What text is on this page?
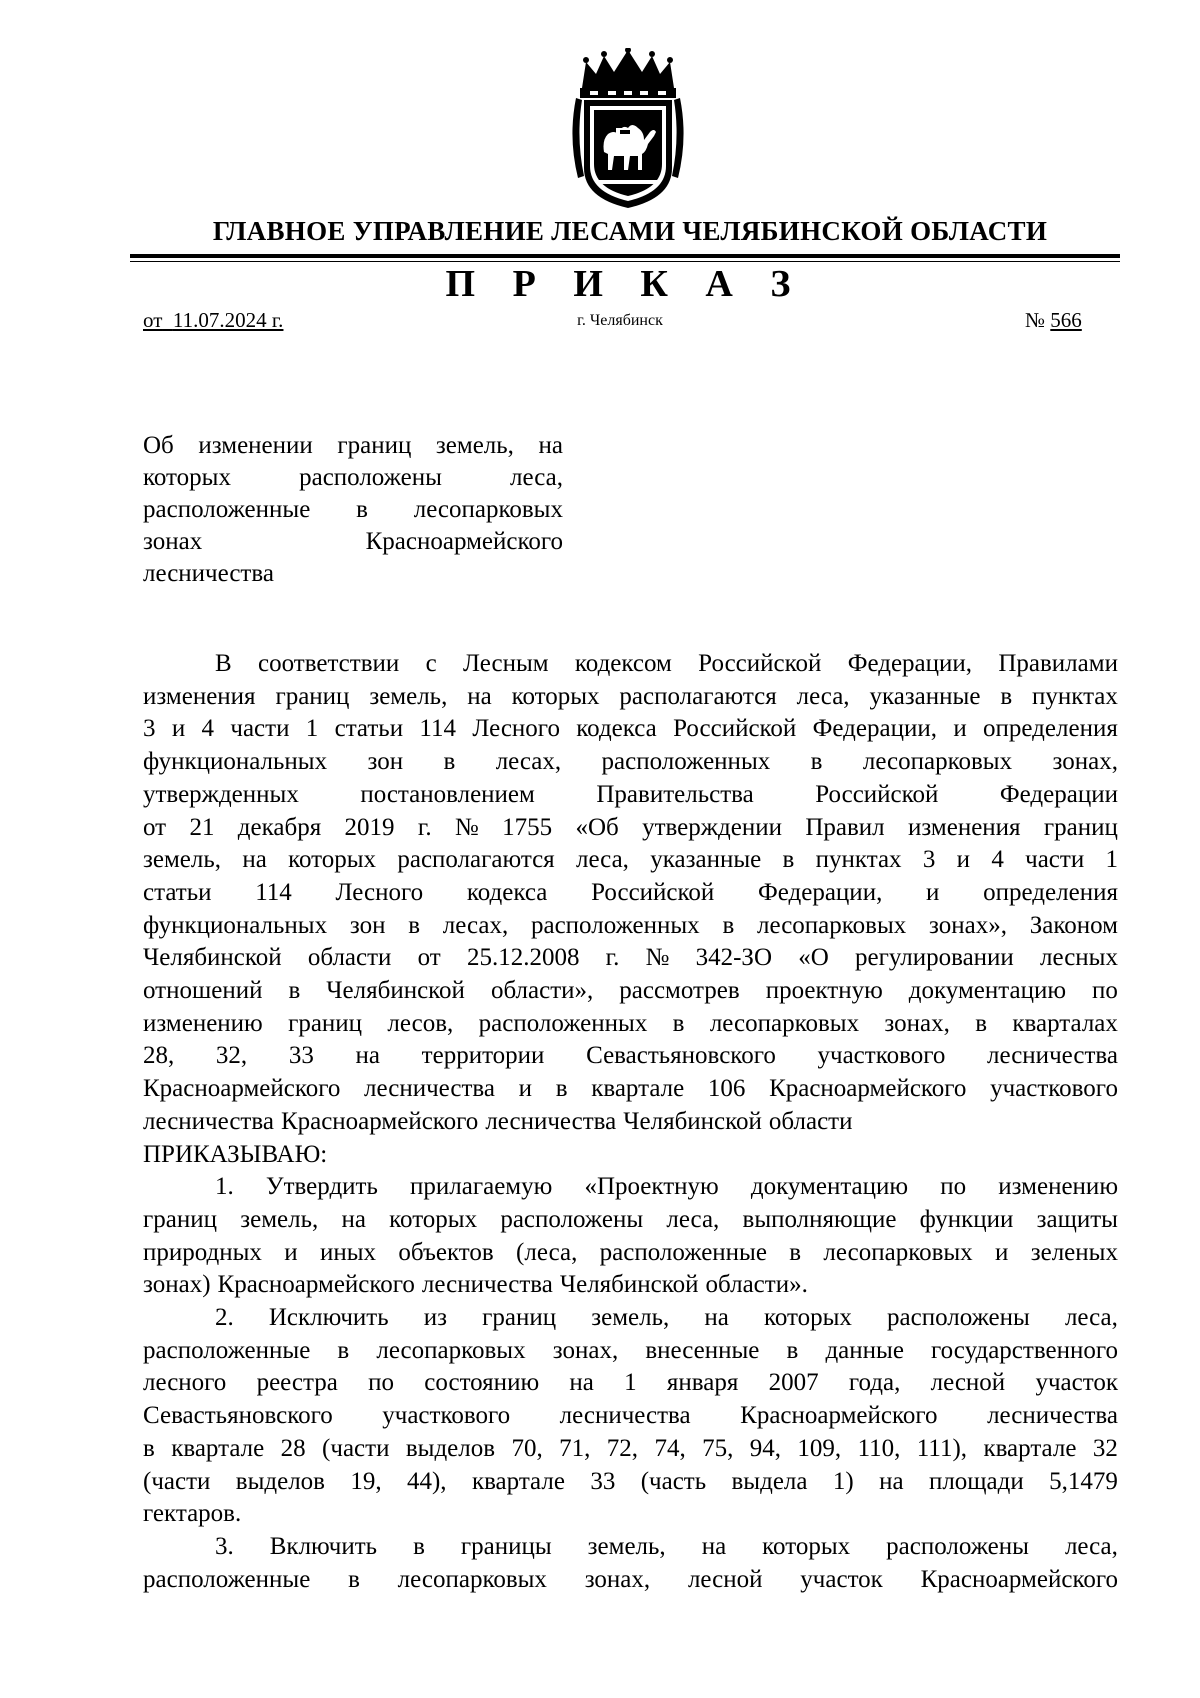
ГЛАВНОЕ УПРАВЛЕНИЕ ЛЕСАМИ ЧЕЛЯБИНСКОЙ ОБЛАСТИ
П Р И К А З
от 11.07.2024 г.	г. Челябинск	№ 566
Об изменении границ земель, на
которых	расположены	леса,
расположенные в лесопарковых
зонах	Красноармейского
лесничества
В соответствии с Лесным кодексом Российской Федерации, Правилами
изменения границ земель, на которых располагаются леса, указанные в пунктах
3 и 4 части 1 статьи 114 Лесного кодекса Российской Федерации, и определения
функциональных зон в лесах, расположенных в лесопарковых зонах,
утвержденных постановлением Правительства Российской Федерации
от 21 декабря 2019 г. № 1755 «Об утверждении Правил изменения границ
земель, на которых располагаются леса, указанные в пунктах 3 и 4 части 1
статьи 114 Лесного кодекса Российской Федерации, и определения
функциональных зон в лесах, расположенных в лесопарковых зонах», Законом
Челябинской области от 25.12.2008 г. № 342-ЗО «О регулировании лесных
отношений в Челябинской области», рассмотрев проектную документацию по
изменению границ лесов, расположенных в лесопарковых зонах, в кварталах
28, 32, 33 на территории Севастьяновского участкового лесничества
Красноармейского лесничества и в квартале 106 Красноармейского участкового
лесничества Красноармейского лесничества Челябинской области
ПРИКАЗЫВАЮ:
1. Утвердить прилагаемую «Проектную документацию по изменению
границ земель, на которых расположены леса, выполняющие функции защиты
природных и иных объектов (леса, расположенные в лесопарковых и зеленых
зонах) Красноармейского лесничества Челябинской области».
2. Исключить из границ земель, на которых расположены леса,
расположенные в лесопарковых зонах, внесенные в данные государственного
лесного реестра по состоянию на 1 января 2007 года, лесной участок
Севастьяновского участкового лесничества Красноармейского лесничества
в квартале 28 (части выделов 70, 71, 72, 74, 75, 94, 109, 110, 111), квартале 32
(части выделов 19, 44), квартале 33 (часть выдела 1) на площади 5,1479
гектаров.
3. Включить в границы земель, на которых расположены леса,
расположенные в лесопарковых зонах, лесной участок Красноармейского
